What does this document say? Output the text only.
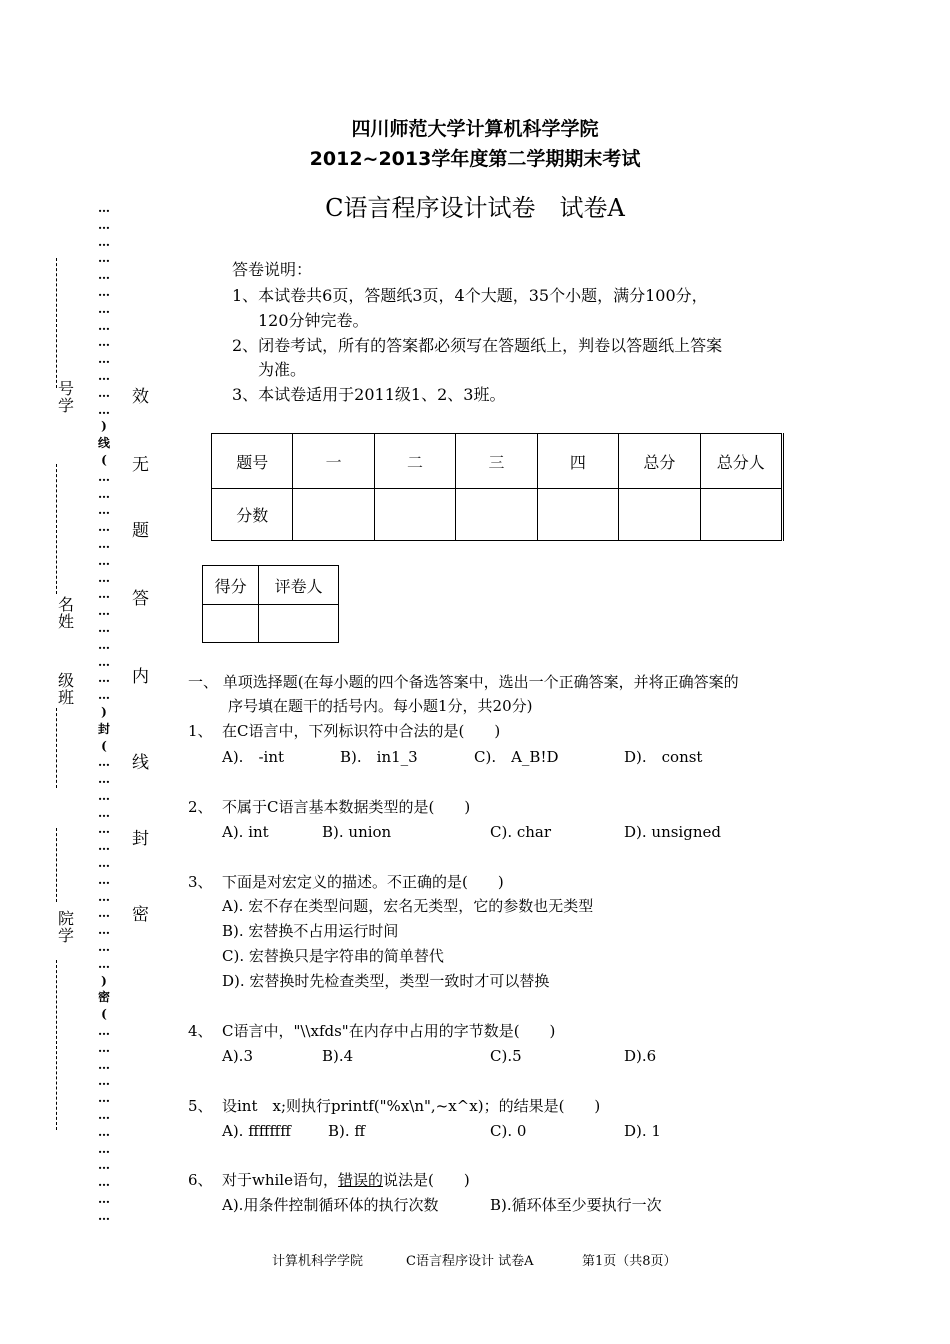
四川师范大学计算机科学学院
2012~2013学年度第二学期期末考试
C语言程序设计试卷　试卷A
…
…
…
…
…
…
…
…
…
…
…
…
…
)
线
(
…
…
…
…
…
…
…
…
…
…
…
…
…
…
)
封
(
…
…
…
…
…
…
…
…
…
…
…
…
…
)
密
(
…
…
…
…
…
…
…
…
…
…
…
…
号
学
名
姓
级
班
院
学
效
无
题
答
内
线
封
密
答卷说明：
1、本试卷共6页，答题纸3页，4个大题，35个小题，满分100分，
120分钟完卷。
2、闭卷考试，所有的答案都必须写在答题纸上，判卷以答题纸上答案
为准。
3、本试卷适用于2011级1、2、3班。
题号	一	二	三	四	总分	总分人
分数						
得分	评卷人

一、 单项选择题(在每小题的四个备选答案中，选出一个正确答案，并将正确答案的
序号填在题干的括号内。每小题1分，共20分)
1、 在C语言中，下列标识符中合法的是(　　)
A).　-int	B).　in1_3	C).　A_B!D	D).　const
2、 不属于C语言基本数据类型的是(　　)
A). int	B). union	C). char	D). unsigned
3、 下面是对宏定义的描述。不正确的是(　　)
A). 宏不存在类型问题，宏名无类型，它的参数也无类型
B). 宏替换不占用运行时间
C). 宏替换只是字符串的简单替代
D). 宏替换时先检查类型，类型一致时才可以替换
4、 C语言中，"\\xfds"在内存中占用的字节数是(　　)
A).3	B).4	C).5	D).6
5、 设int　x;则执行printf("%x\n",~x^x)；的结果是(　　)
A). ffffffff B). ff	C). 0	D). 1
6、 对于while语句，错误的说法是(　　)
A).用条件控制循环体的执行次数	B).循环体至少要执行一次
计算机科学学院	C语言程序设计 试卷A	第1页（共8页）
